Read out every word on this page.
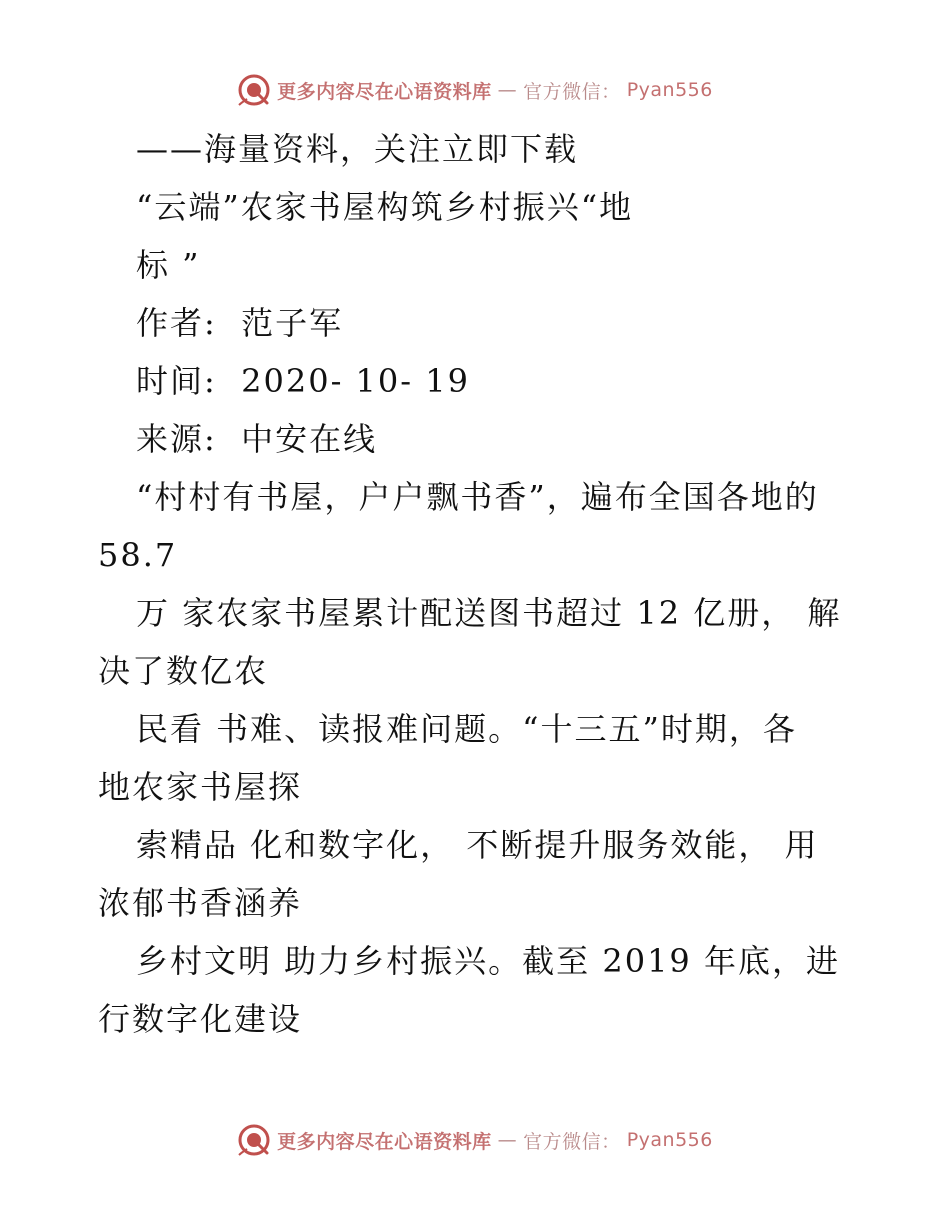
更多内容尽在心语资料库 — 官方微信： Pyan556
——海量资料，关注立即下载
“云端”农家书屋构筑乡村振兴“地
标 ”
作者:  范子军
时间:  2020- 10- 19
来源:  中安在线
“村村有书屋，户户飘书香”，遍布全国各地的
58.7
万 家农家书屋累计配送图书超过 12 亿册， 解
决了数亿农
民看 书难、读报难问题。“十三五”时期，各
地农家书屋探
索精品 化和数字化， 不断提升服务效能， 用
浓郁书香涵养
乡村文明 助力乡村振兴。截至 2019 年底，进
行数字化建设
更多内容尽在心语资料库 — 官方微信： Pyan556
